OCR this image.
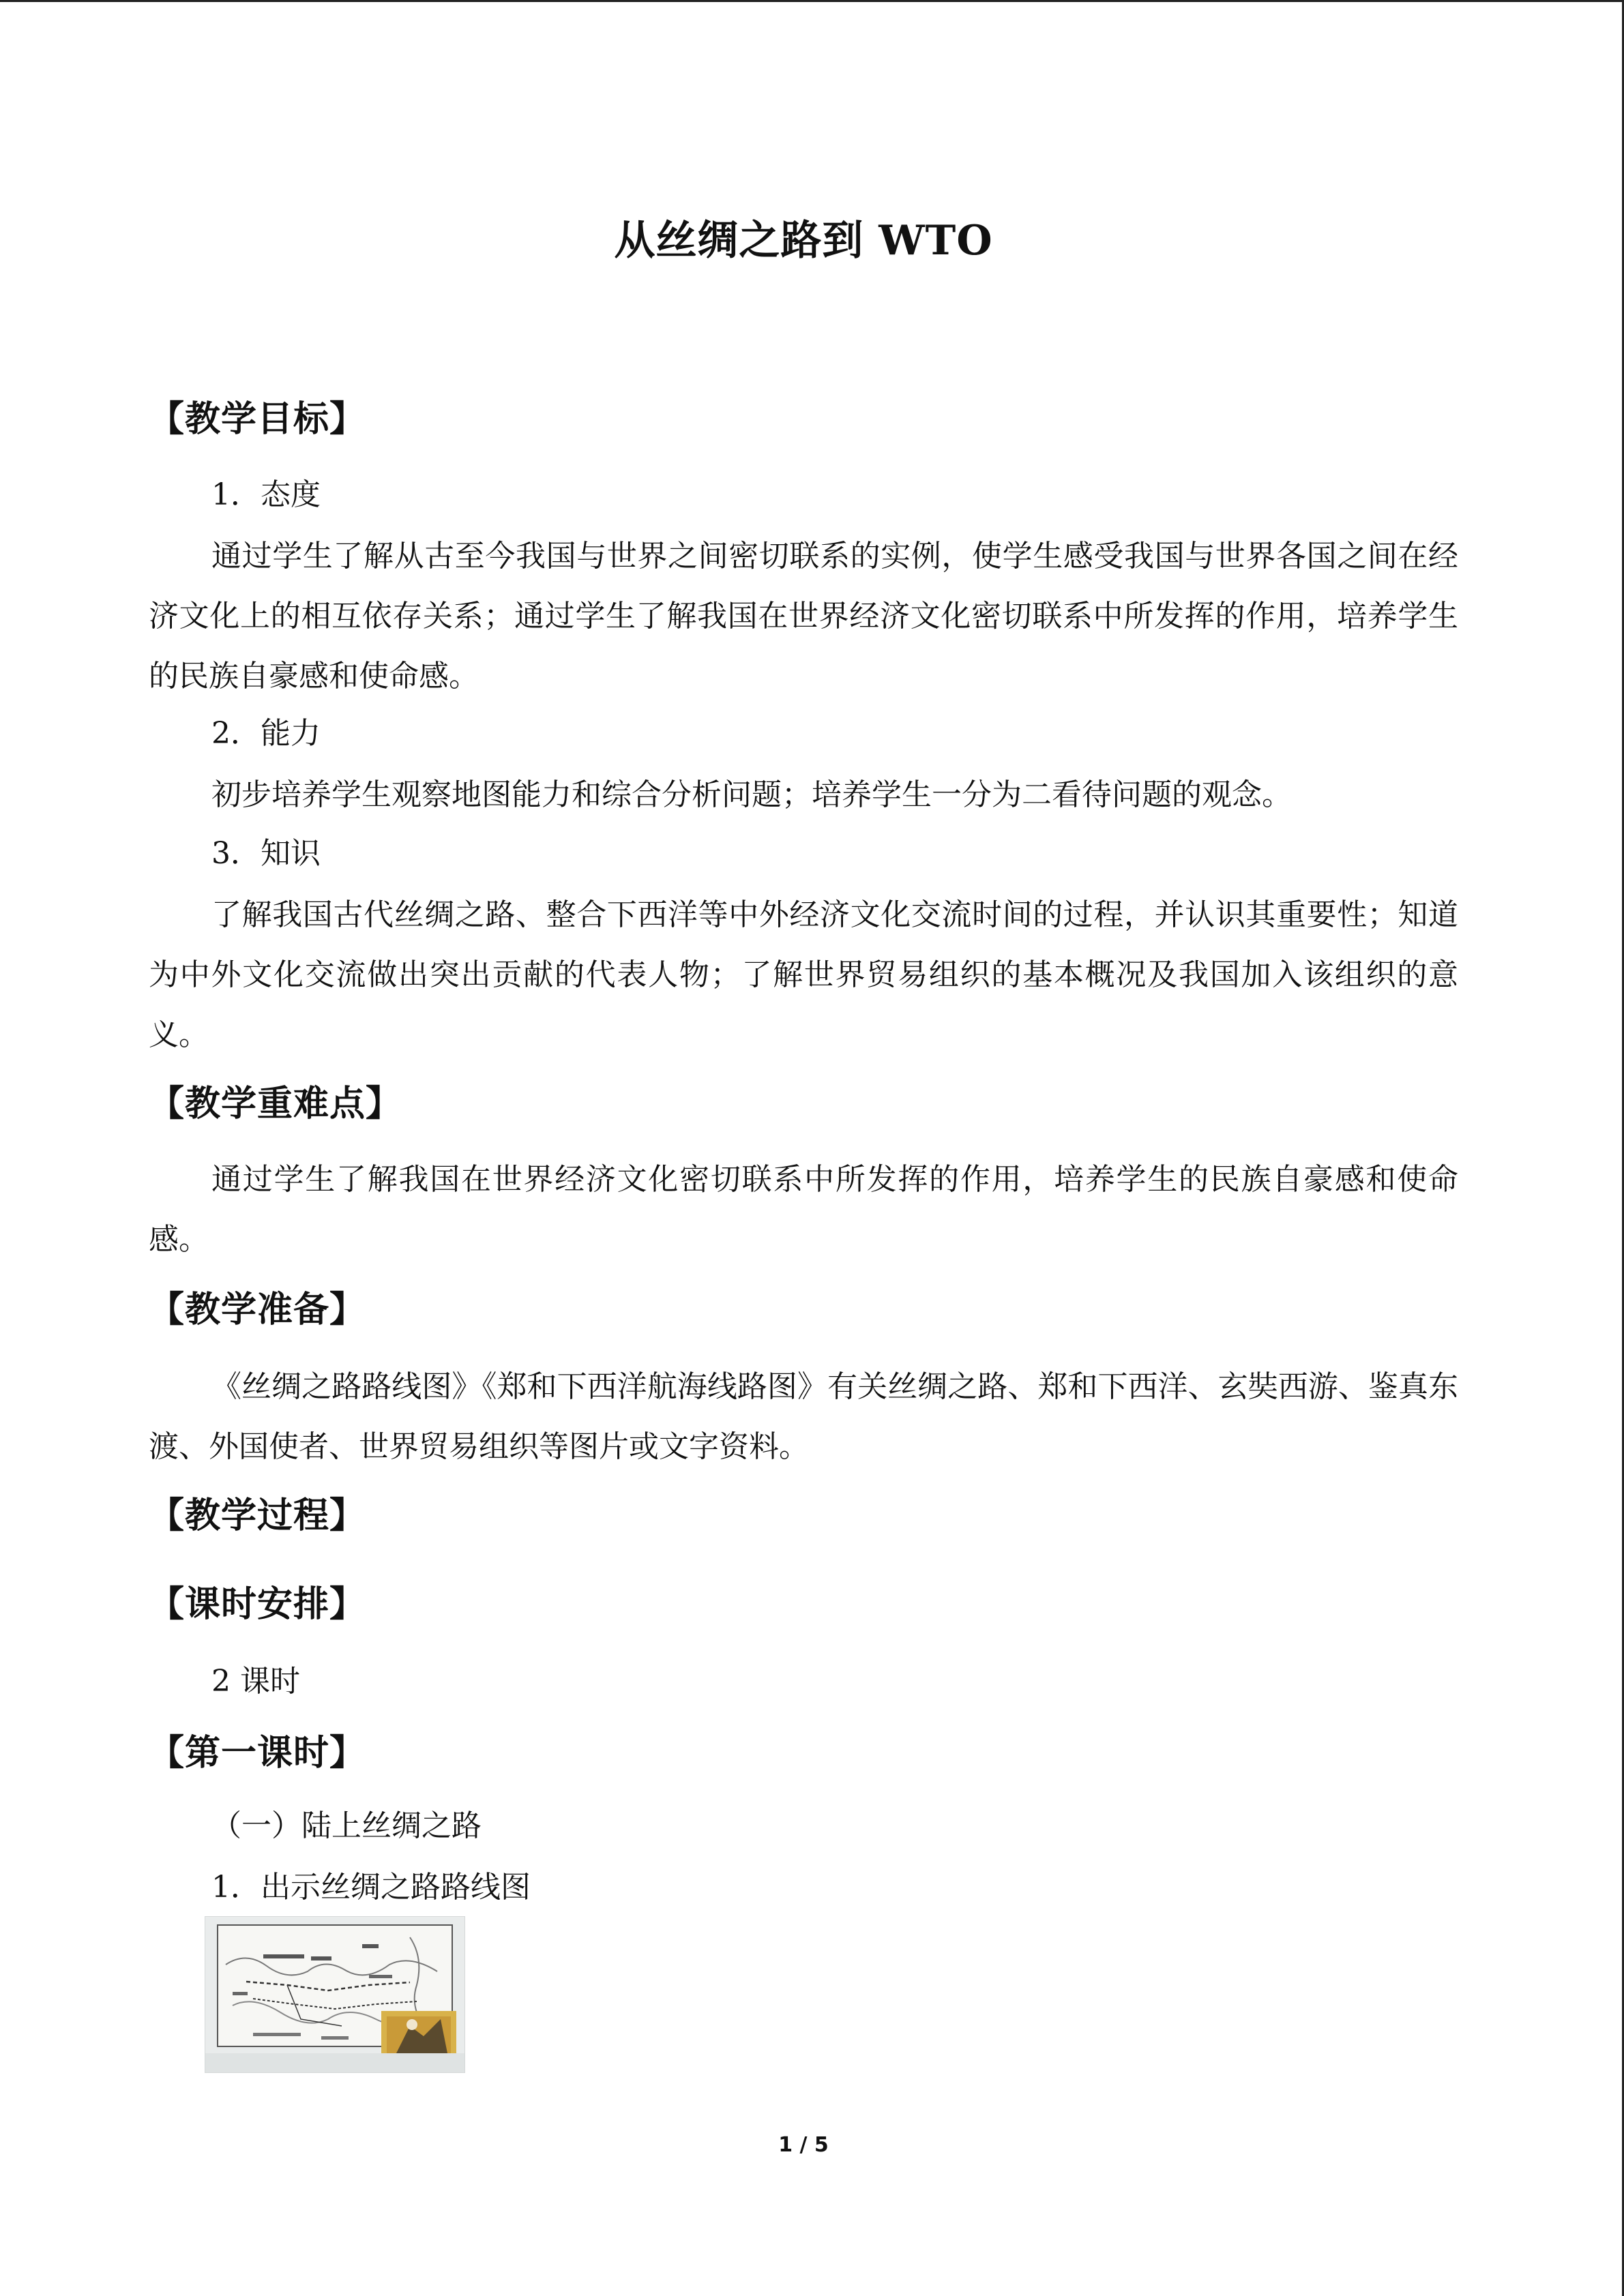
从丝绸之路到 WTO
【教学目标】
1．态度
通过学生了解从古至今我国与世界之间密切联系的实例，使学生感受我国与世界各国之间在经济文化上的相互依存关系；通过学生了解我国在世界经济文化密切联系中所发挥的作用，培养学生的民族自豪感和使命感。
2．能力
初步培养学生观察地图能力和综合分析问题；培养学生一分为二看待问题的观念。
3．知识
了解我国古代丝绸之路、整合下西洋等中外经济文化交流时间的过程，并认识其重要性；知道为中外文化交流做出突出贡献的代表人物；了解世界贸易组织的基本概况及我国加入该组织的意义。
【教学重难点】
通过学生了解我国在世界经济文化密切联系中所发挥的作用，培养学生的民族自豪感和使命感。
【教学准备】
《丝绸之路路线图》《郑和下西洋航海线路图》有关丝绸之路、郑和下西洋、玄奘西游、鉴真东渡、外国使者、世界贸易组织等图片或文字资料。
【教学过程】
【课时安排】
2 课时
【第一课时】
（一）陆上丝绸之路
1．出示丝绸之路路线图
1 / 5
